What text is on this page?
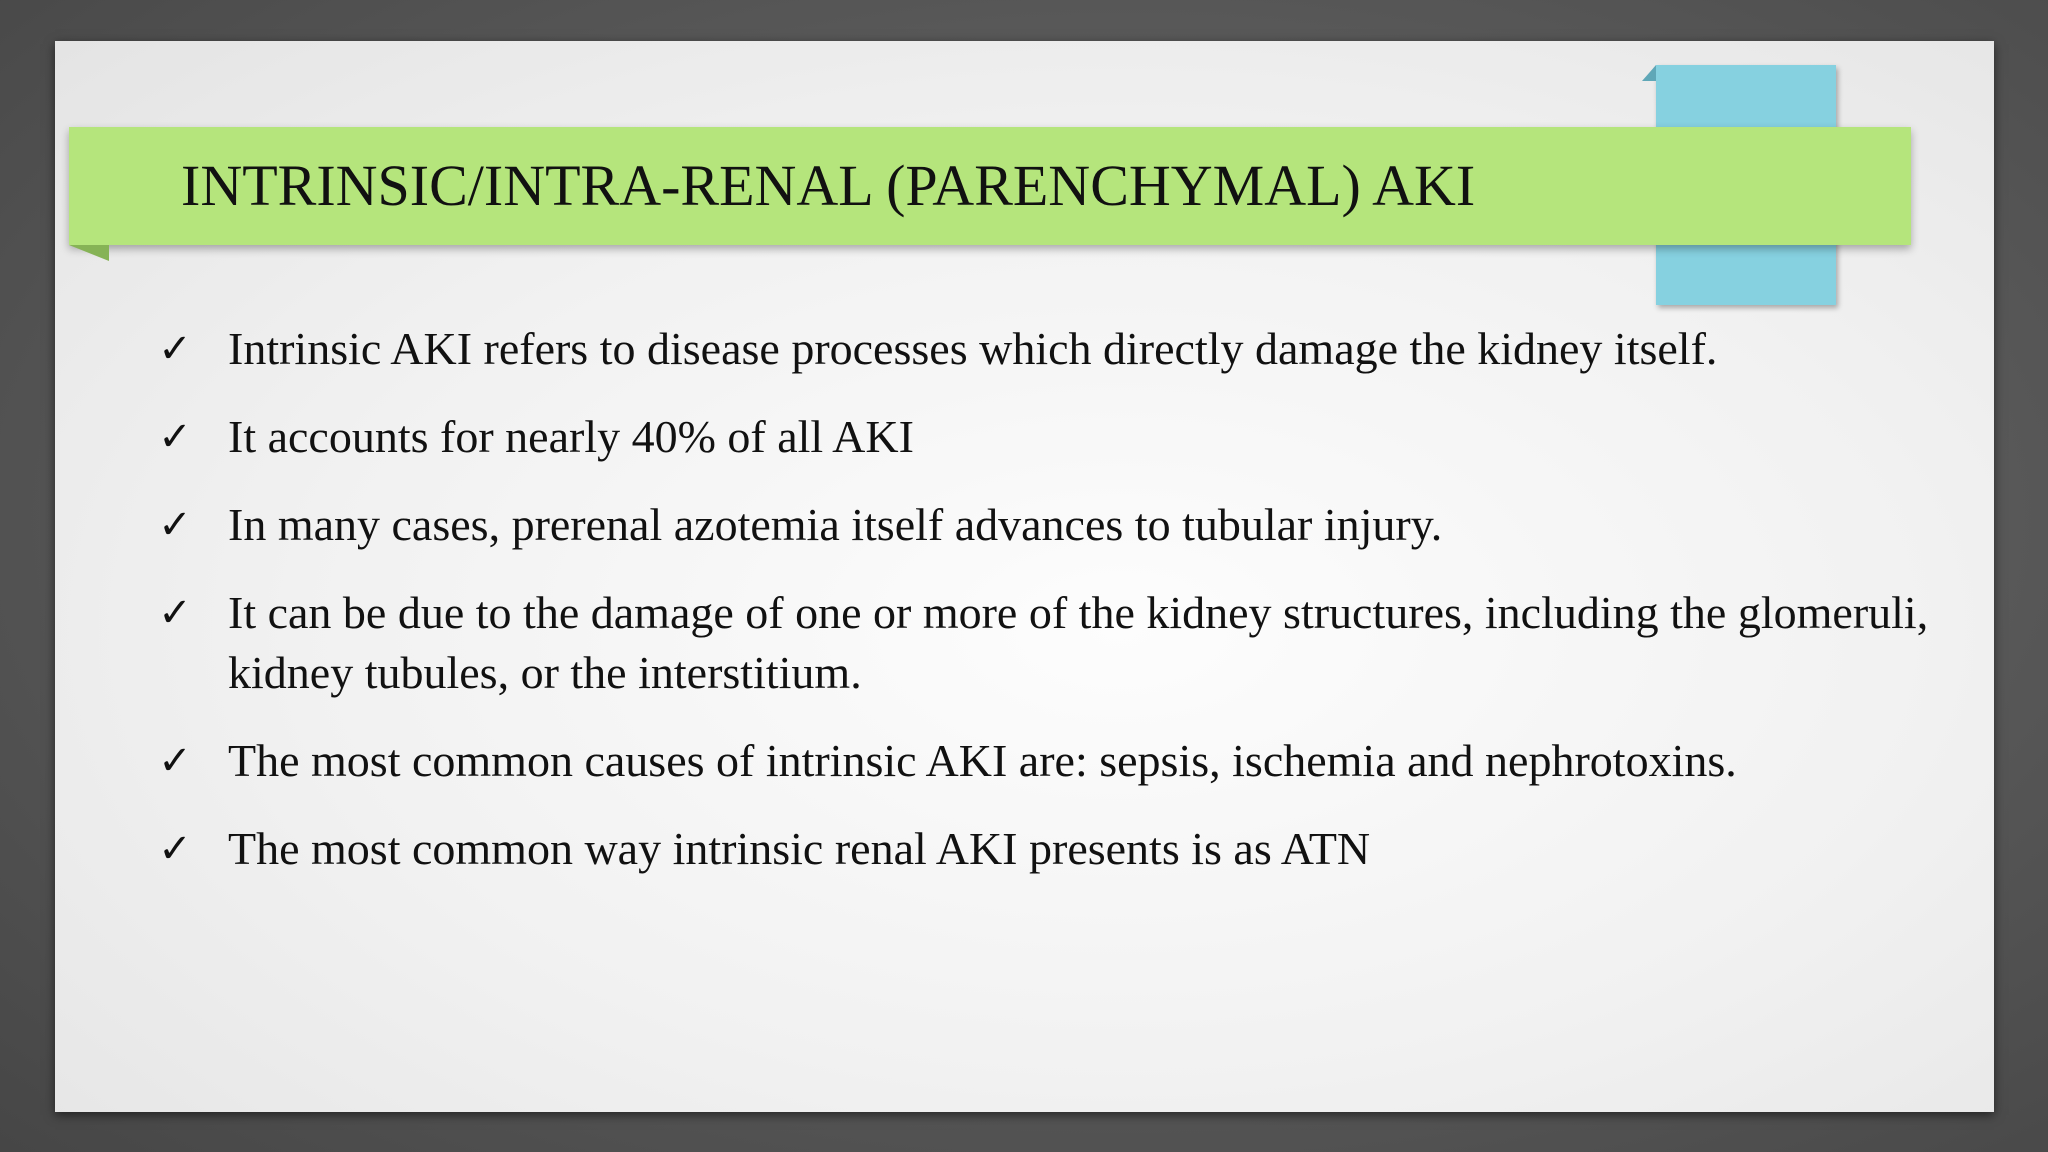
INTRINSIC/INTRA-RENAL (PARENCHYMAL) AKI
✓ Intrinsic AKI refers to disease processes which directly damage the kidney itself.
✓ It accounts for nearly 40% of all AKI
✓ In many cases, prerenal azotemia itself advances to tubular injury.
✓ It can be due to the damage of one or more of the kidney structures, including the glomeruli, kidney tubules, or the interstitium.
✓ The most common causes of intrinsic AKI are: sepsis, ischemia and nephrotoxins.
✓ The most common way intrinsic renal AKI presents is as ATN
